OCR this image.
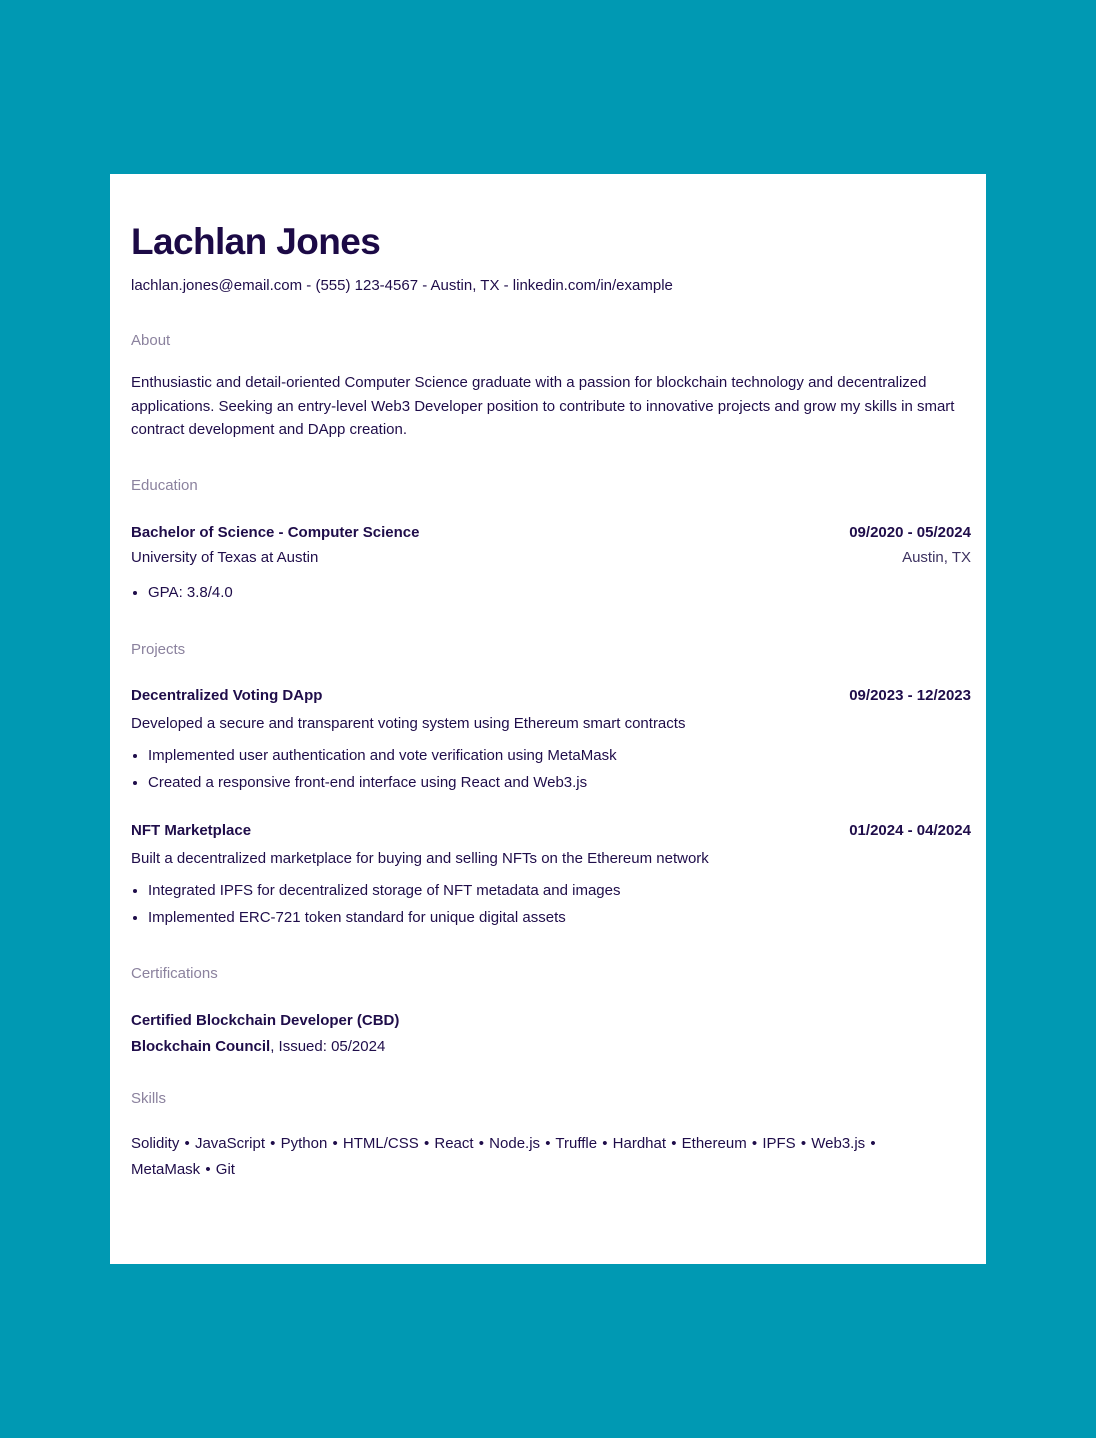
Lachlan Jones
lachlan.jones@email.com - (555) 123-4567 - Austin, TX - linkedin.com/in/example
About
Enthusiastic and detail-oriented Computer Science graduate with a passion for blockchain technology and decentralized applications. Seeking an entry-level Web3 Developer position to contribute to innovative projects and grow my skills in smart contract development and DApp creation.
Education
Bachelor of Science - Computer Science	09/2020 - 05/2024
University of Texas at Austin	Austin, TX
• GPA: 3.8/4.0
Projects
Decentralized Voting DApp	09/2023 - 12/2023
Developed a secure and transparent voting system using Ethereum smart contracts
• Implemented user authentication and vote verification using MetaMask
• Created a responsive front-end interface using React and Web3.js
NFT Marketplace	01/2024 - 04/2024
Built a decentralized marketplace for buying and selling NFTs on the Ethereum network
• Integrated IPFS for decentralized storage of NFT metadata and images
• Implemented ERC-721 token standard for unique digital assets
Certifications
Certified Blockchain Developer (CBD)
Blockchain Council, Issued: 05/2024
Skills
Solidity • JavaScript • Python • HTML/CSS • React • Node.js • Truffle • Hardhat • Ethereum • IPFS • Web3.js • MetaMask • Git
